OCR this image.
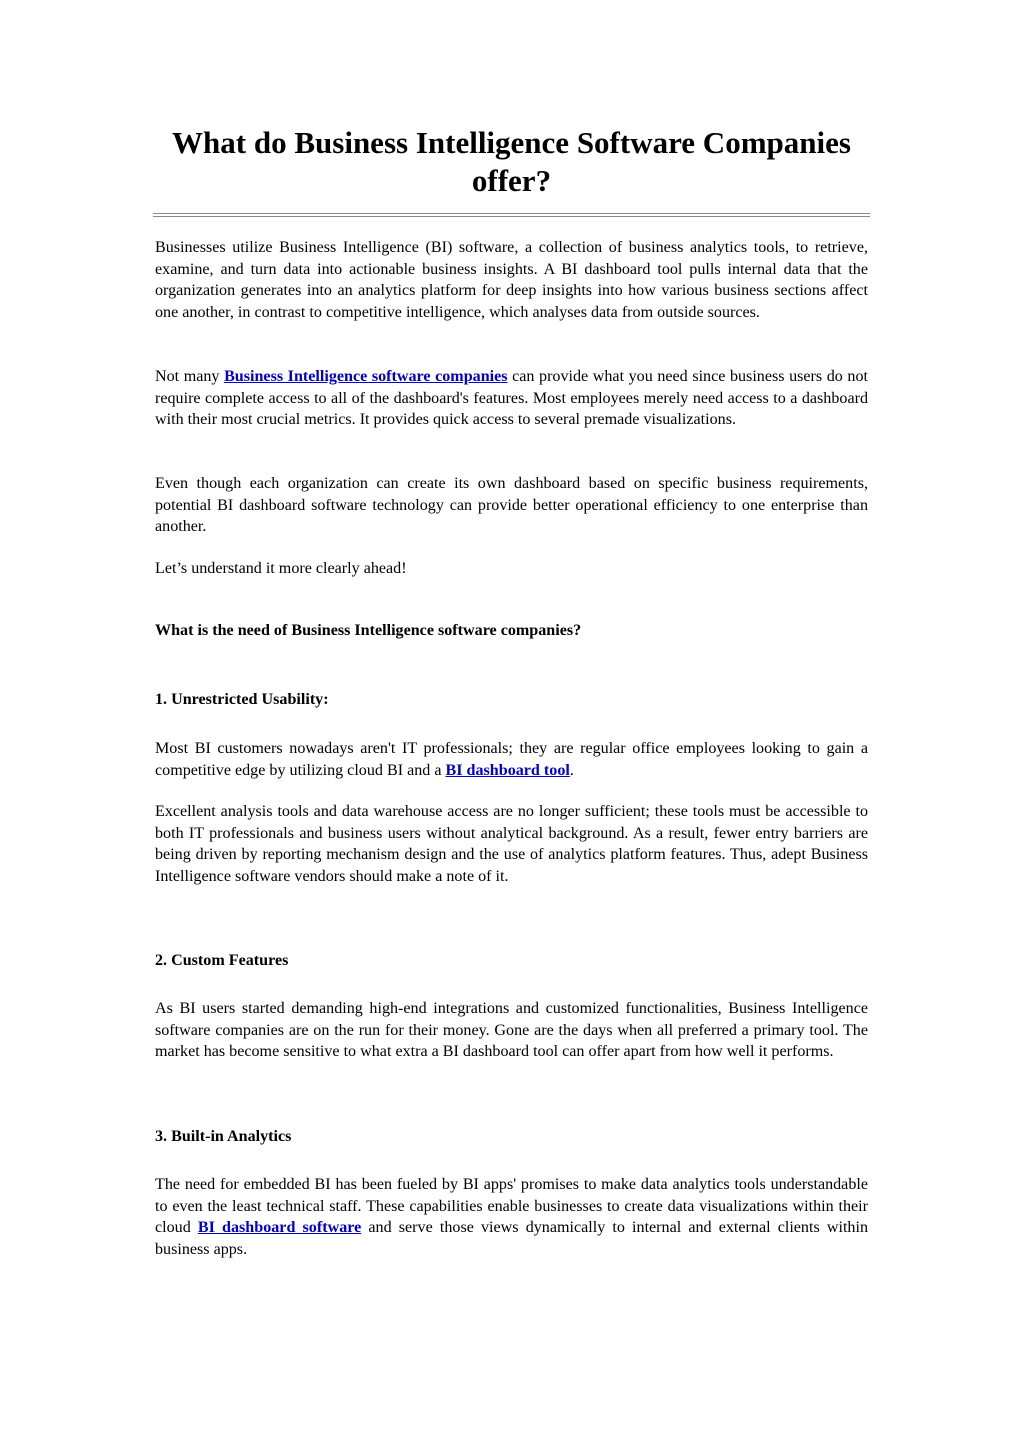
What do Business Intelligence Software Companies offer?

Businesses utilize Business Intelligence (BI) software, a collection of business analytics tools, to retrieve, examine, and turn data into actionable business insights. A BI dashboard tool pulls internal data that the organization generates into an analytics platform for deep insights into how various business sections affect one another, in contrast to competitive intelligence, which analyses data from outside sources.

Not many Business Intelligence software companies can provide what you need since business users do not require complete access to all of the dashboard's features. Most employees merely need access to a dashboard with their most crucial metrics. It provides quick access to several premade visualizations.

Even though each organization can create its own dashboard based on specific business requirements, potential BI dashboard software technology can provide better operational efficiency to one enterprise than another.

Let’s understand it more clearly ahead!

What is the need of Business Intelligence software companies?
1. Unrestricted Usability:

Most BI customers nowadays aren't IT professionals; they are regular office employees looking to gain a competitive edge by utilizing cloud BI and a BI dashboard tool.

Excellent analysis tools and data warehouse access are no longer sufficient; these tools must be accessible to both IT professionals and business users without analytical background. As a result, fewer entry barriers are being driven by reporting mechanism design and the use of analytics platform features. Thus, adept Business Intelligence software vendors should make a note of it.

2. Custom Features

As BI users started demanding high-end integrations and customized functionalities, Business Intelligence software companies are on the run for their money. Gone are the days when all preferred a primary tool. The market has become sensitive to what extra a BI dashboard tool can offer apart from how well it performs.

3. Built-in Analytics

The need for embedded BI has been fueled by BI apps' promises to make data analytics tools understandable to even the least technical staff. These capabilities enable businesses to create data visualizations within their cloud BI dashboard software and serve those views dynamically to internal and external clients within business apps.
